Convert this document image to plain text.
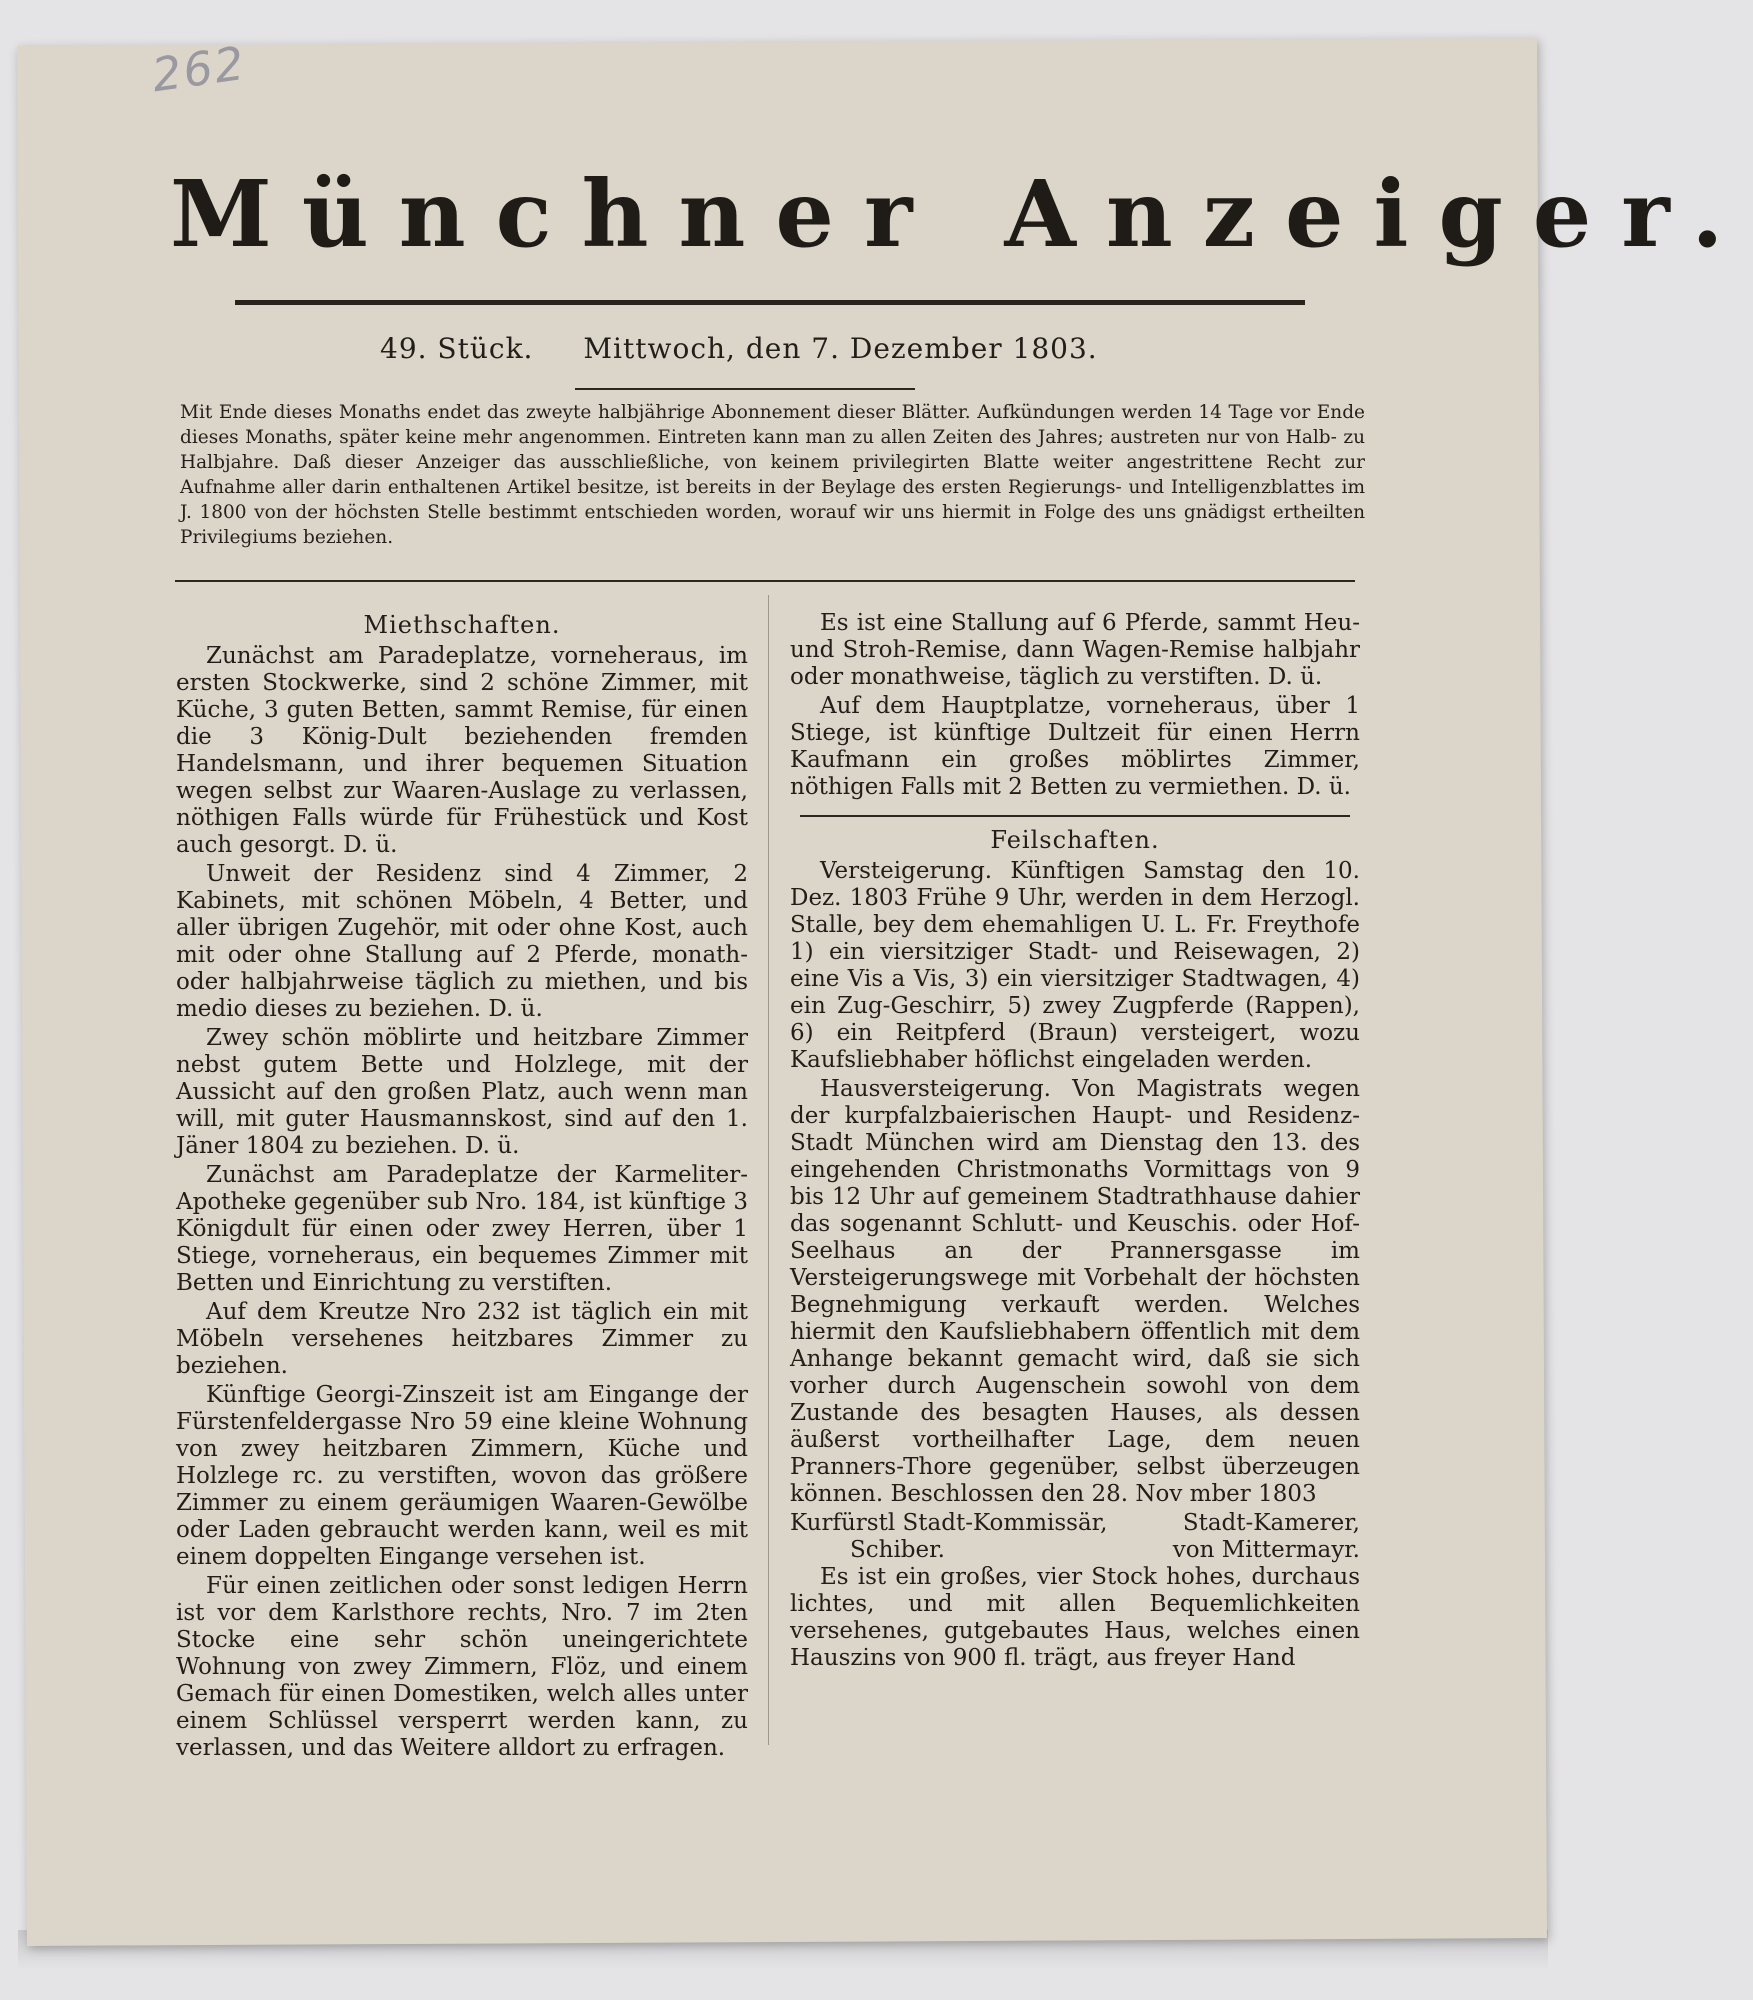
262
Münchner Anzeiger.
49. Stück. Mittwoch, den 7. Dezember 1803.
Mit Ende dieses Monaths endet das zweyte halbjährige Abonnement dieser Blätter. Aufkündungen werden 14 Tage vor Ende dieses Monaths, später keine mehr angenommen. Eintreten kann man zu allen Zeiten des Jahres; austreten nur von Halb- zu Halbjahre. Daß dieser Anzeiger das ausschließliche, von keinem privilegirten Blatte weiter angestrittene Recht zur Aufnahme aller darin enthaltenen Artikel besitze, ist bereits in der Beylage des ersten Regierungs- und Intelligenzblattes im J. 1800 von der höchsten Stelle bestimmt entschieden worden, worauf wir uns hiermit in Folge des uns gnädigst ertheilten Privilegiums beziehen.
Miethschaften.

Zunächst am Paradeplatze, vorneheraus, im ersten Stockwerke, sind 2 schöne Zimmer, mit Küche, 3 guten Betten, sammt Remise, für einen die 3 König-Dult beziehenden fremden Handelsmann, und ihrer bequemen Situation wegen selbst zur Waaren-Auslage zu verlassen, nöthigen Falls würde für Frühestück und Kost auch gesorgt. D. ü.

Unweit der Residenz sind 4 Zimmer, 2 Kabinets, mit schönen Möbeln, 4 Better, und aller übrigen Zugehör, mit oder ohne Kost, auch mit oder ohne Stallung auf 2 Pferde, monath- oder halbjahrweise täglich zu miethen, und bis medio dieses zu beziehen. D. ü.

Zwey schön möblirte und heitzbare Zimmer nebst gutem Bette und Holzlege, mit der Aussicht auf den großen Platz, auch wenn man will, mit guter Hausmannskost, sind auf den 1. Jäner 1804 zu beziehen. D. ü.

Zunächst am Paradeplatze der Karmeliter-Apotheke gegenüber sub Nro. 184, ist künftige 3 Königdult für einen oder zwey Herren, über 1 Stiege, vorneheraus, ein bequemes Zimmer mit Betten und Einrichtung zu verstiften.

Auf dem Kreutze Nro 232 ist täglich ein mit Möbeln versehenes heitzbares Zimmer zu beziehen.

Künftige Georgi-Zinszeit ist am Eingange der Fürstenfeldergasse Nro 59 eine kleine Wohnung von zwey heitzbaren Zimmern, Küche und Holzlege rc. zu verstiften, wovon das größere Zimmer zu einem geräumigen Waaren-Gewölbe oder Laden gebraucht werden kann, weil es mit einem doppelten Eingange versehen ist.

Für einen zeitlichen oder sonst ledigen Herrn ist vor dem Karlsthore rechts, Nro. 7 im 2ten Stocke eine sehr schön uneingerichtete Wohnung von zwey Zimmern, Flöz, und einem Gemach für einen Domestiken, welch alles unter einem Schlüssel versperrt werden kann, zu verlassen, und das Weitere alldort zu erfragen.

Es ist eine Stallung auf 6 Pferde, sammt Heu- und Stroh-Remise, dann Wagen-Remise halbjahr oder monathweise, täglich zu verstiften. D. ü.

Auf dem Hauptplatze, vorneheraus, über 1 Stiege, ist künftige Dultzeit für einen Herrn Kaufmann ein großes möblirtes Zimmer, nöthigen Falls mit 2 Betten zu vermiethen. D. ü.

Feilschaften.

Versteigerung. Künftigen Samstag den 10. Dez. 1803 Frühe 9 Uhr, werden in dem Herzogl. Stalle, bey dem ehemahligen U. L. Fr. Freythofe 1) ein viersitziger Stadt- und Reisewagen, 2) eine Vis a Vis, 3) ein viersitziger Stadtwagen, 4) ein Zug-Geschirr, 5) zwey Zugpferde (Rappen), 6) ein Reitpferd (Braun) versteigert, wozu Kaufsliebhaber höflichst eingeladen werden.

Hausversteigerung. Von Magistrats wegen der kurpfalzbaierischen Haupt- und Residenz-Stadt München wird am Dienstag den 13. des eingehenden Christmonaths Vormittags von 9 bis 12 Uhr auf gemeinem Stadtrathhause dahier das sogenannt Schlutt- und Keuschis. oder Hof-Seelhaus an der Prannersgasse im Versteigerungswege mit Vorbehalt der höchsten Begnehmigung verkauft werden. Welches hiermit den Kaufsliebhabern öffentlich mit dem Anhange bekannt gemacht wird, daß sie sich vorher durch Augenschein sowohl von dem Zustande des besagten Hauses, als dessen äußerst vortheilhafter Lage, dem neuen Pranners-Thore gegenüber, selbst überzeugen können. Beschlossen den 28. Nov mber 1803

Kurfürstl Stadt-Kommissär,	Stadt-Kamerer,
Schiber.	von Mittermayr.

Es ist ein großes, vier Stock hohes, durchaus lichtes, und mit allen Bequemlichkeiten versehenes, gutgebautes Haus, welches einen Hauszins von 900 fl. trägt, aus freyer Hand
